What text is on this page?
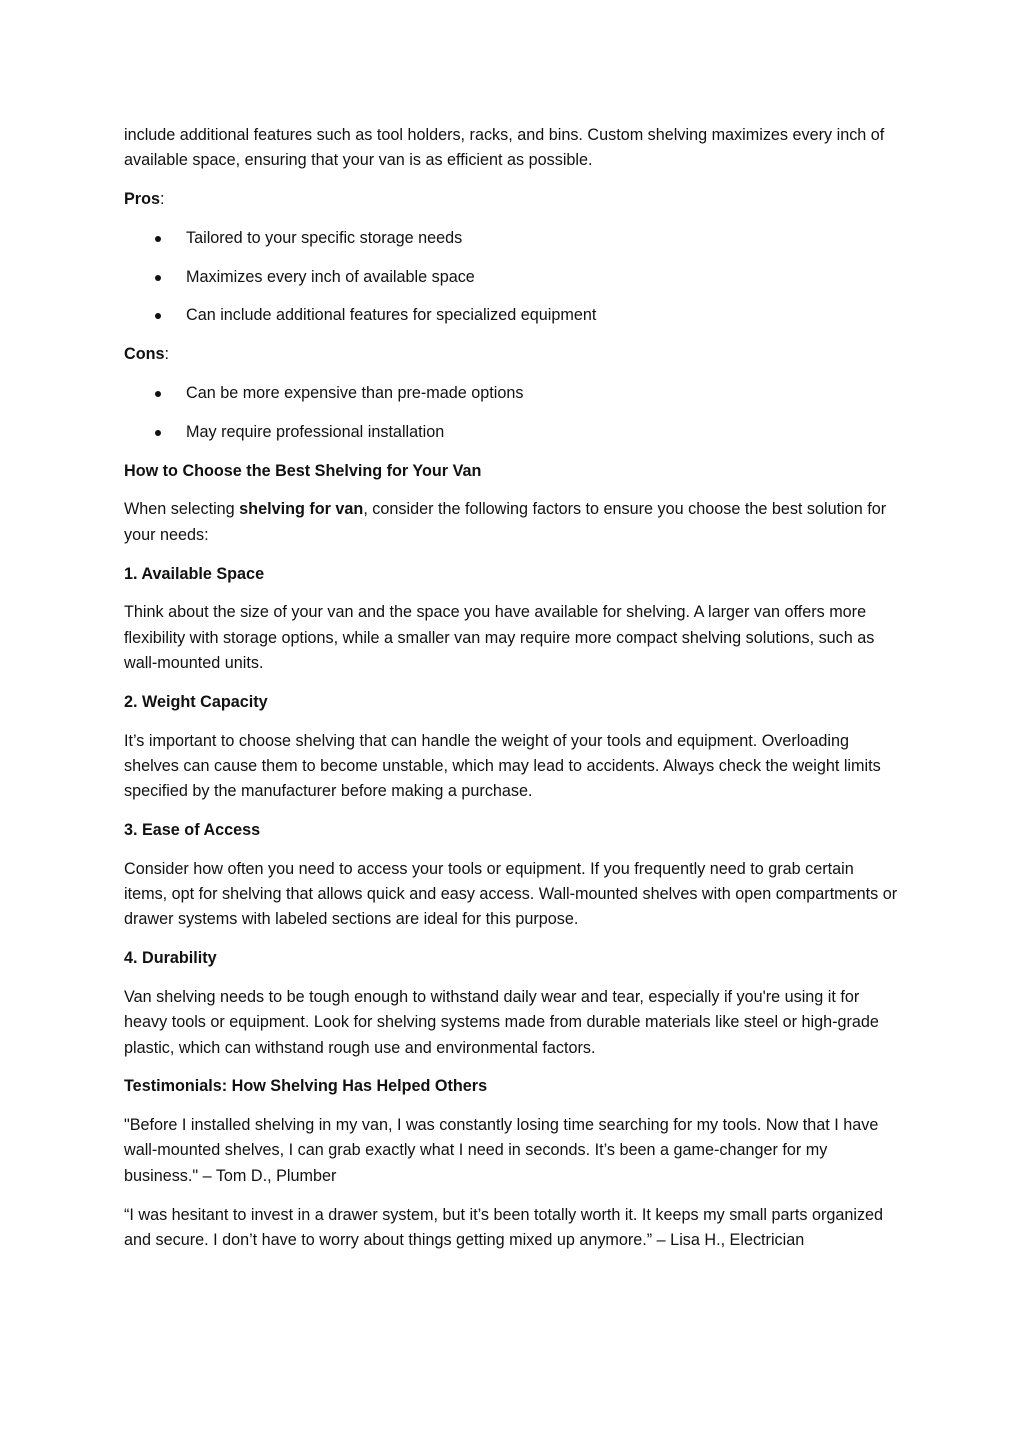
include additional features such as tool holders, racks, and bins. Custom shelving maximizes every inch of available space, ensuring that your van is as efficient as possible.

Pros:

Tailored to your specific storage needs
Maximizes every inch of available space
Can include additional features for specialized equipment

Cons:

Can be more expensive than pre-made options
May require professional installation

How to Choose the Best Shelving for Your Van

When selecting shelving for van, consider the following factors to ensure you choose the best solution for your needs:

1. Available Space

Think about the size of your van and the space you have available for shelving. A larger van offers more flexibility with storage options, while a smaller van may require more compact shelving solutions, such as wall-mounted units.

2. Weight Capacity

It’s important to choose shelving that can handle the weight of your tools and equipment. Overloading shelves can cause them to become unstable, which may lead to accidents. Always check the weight limits specified by the manufacturer before making a purchase.

3. Ease of Access

Consider how often you need to access your tools or equipment. If you frequently need to grab certain items, opt for shelving that allows quick and easy access. Wall-mounted shelves with open compartments or drawer systems with labeled sections are ideal for this purpose.

4. Durability

Van shelving needs to be tough enough to withstand daily wear and tear, especially if you're using it for heavy tools or equipment. Look for shelving systems made from durable materials like steel or high-grade plastic, which can withstand rough use and environmental factors.

Testimonials: How Shelving Has Helped Others

"Before I installed shelving in my van, I was constantly losing time searching for my tools. Now that I have wall-mounted shelves, I can grab exactly what I need in seconds. It’s been a game-changer for my business." – Tom D., Plumber

“I was hesitant to invest in a drawer system, but it’s been totally worth it. It keeps my small parts organized and secure. I don’t have to worry about things getting mixed up anymore.” – Lisa H., Electrician
